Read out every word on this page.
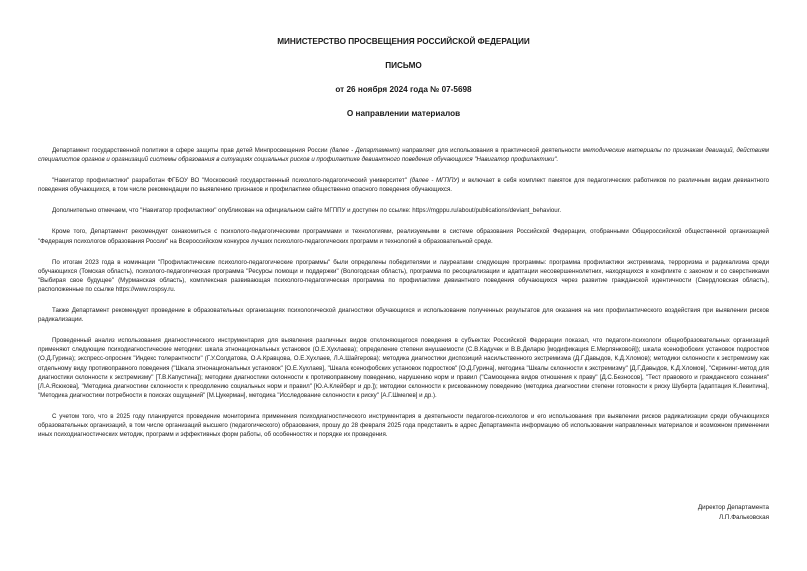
МИНИСТЕРСТВО ПРОСВЕЩЕНИЯ РОССИЙСКОЙ ФЕДЕРАЦИИ

ПИСЬМО

от 26 ноября 2024 года № 07-5698

О направлении материалов

Департамент государственной политики в сфере защиты прав детей Минпросвещения России (далее - Департамент) направляет для использования в практической деятельности методические материалы по признакам девиаций, действиям специалистов органов и организаций системы образования в ситуациях социальных рисков и профилактике девиантного поведения обучающихся "Навигатор профилактики".

"Навигатор профилактики" разработан ФГБОУ ВО "Московский государственный психолого-педагогический университет" (далее - МГППУ) и включает в себя комплект памяток для педагогических работников по различным видам девиантного поведения обучающихся, в том числе рекомендации по выявлению признаков и профилактике общественно опасного поведения обучающихся.

Дополнительно отмечаем, что "Навигатор профилактики" опубликован на официальном сайте МГППУ и доступен по ссылке: https://mgppu.ru/about/publications/deviant_behaviour.

Кроме того, Департамент рекомендует ознакомиться с психолого-педагогическими программами и технологиями, реализуемыми в системе образования Российской Федерации, отобранными Общероссийской общественной организацией "Федерация психологов образования России" на Всероссийском конкурсе лучших психолого-педагогических программ и технологий в образовательной среде.

По итогам 2023 года в номинации "Профилактические психолого-педагогические программы" были определены победителями и лауреатами следующие программы: программа профилактики экстремизма, терроризма и радикализма среди обучающихся (Томская область), психолого-педагогическая программа "Ресурсы помощи и поддержки" (Вологодская область), программа по ресоциализации и адаптации несовершеннолетних, находящихся в конфликте с законом и со сверстниками "Выбирая свое будущее" (Мурманская область), комплексная развивающая психолого-педагогическая программа по профилактике девиантного поведения обучающихся через развитие гражданской идентичности (Свердловская область), расположенные по ссылке https://www.rospsy.ru.

Также Департамент рекомендует проведение в образовательных организациях психологической диагностики обучающихся и использование полученных результатов для оказания на них профилактического воздействия при выявлении рисков радикализации.

Проведенный анализ использования диагностического инструментария для выявления различных видов отклоняющегося поведения в субъектах Российской Федерации показал, что педагоги-психологи общеобразовательных организаций применяют следующие психодиагностические методики: шкала этнонациональных установок (О.Е.Хухлаева); определение степени внушаемости (С.В.Кадучек и В.В.Деларю [модификация Е.Мерлянковой]); шкала ксенофобских установок подростков (О.Д.Гурина); экспресс-опросник "Индекс толерантности" (Г.У.Солдатова, О.А.Кравцова, О.Е.Хухлаев, Л.А.Шайгерова); методика диагностики диспозиций насильственного экстремизма (Д.Г.Давыдов, К.Д.Хломов); методики склонности к экстремизму как отдельному виду противоправного поведения ("Шкала этнонациональных установок" [О.Е.Хухлаев], "Шкала ксенофобских установок подростков" [О.Д.Гурина], методика "Шкалы склонности к экстремизму" [Д.Г.Давыдов, К.Д.Хломов], "Скрининг-метод для диагностики склонности к экстремизму" [Т.В.Капустина]); методики диагностики склонности к противоправному поведению, нарушению норм и правил ("Самооценка видов отношения к праву" [Д.С.Безносов], "Тест правового и гражданского сознания" [Л.А.Ясюкова], "Методика диагностики склонности к преодолению социальных норм и правил" [Ю.А.Клейберг и др.]); методики склонности к рискованному поведению (методика диагностики степени готовности к риску Шуберта [адаптация К.Левитина], "Методика диагностики потребности в поисках ощущений" [М.Цукерман], методика "Исследование склонности к риску" [А.Г.Шмелев] и др.).

С учетом того, что в 2025 году планируется проведение мониторинга применения психодиагностического инструментария в деятельности педагогов-психологов и его использования при выявлении рисков радикализации среди обучающихся образовательных организаций, в том числе организаций высшего (педагогического) образования, прошу до 28 февраля 2025 года представить в адрес Департамента информацию об использовании направленных материалов и возможном применении иных психодиагностических методик, программ и эффективных форм работы, об особенностях и порядке их проведения.

Директор Департамента
Л.П.Фальковская
